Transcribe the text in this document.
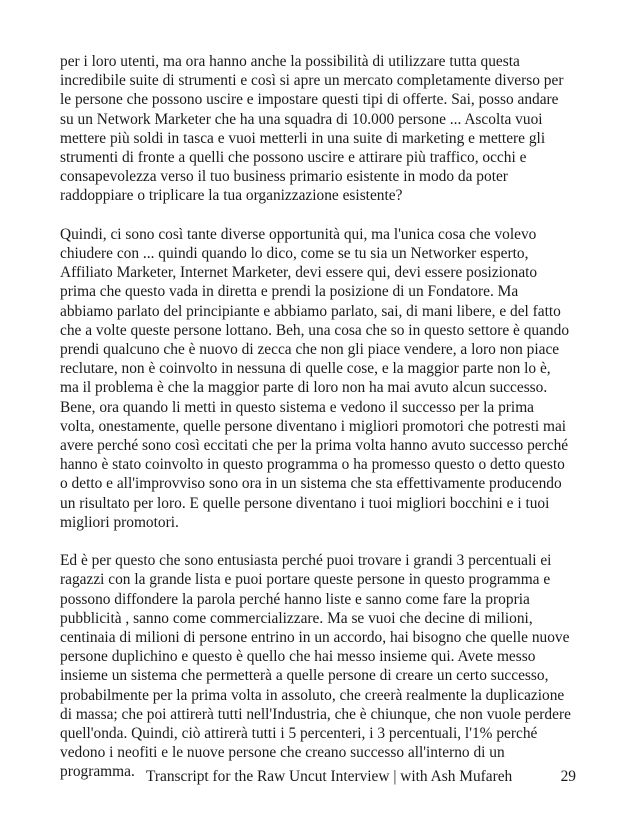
per i loro utenti, ma ora hanno anche la possibilità di utilizzare tutta questa
incredibile suite di strumenti e così si apre un mercato completamente diverso per
le persone che possono uscire e impostare questi tipi di offerte. Sai, posso andare
su un Network Marketer che ha una squadra di 10.000 persone ... Ascolta vuoi
mettere più soldi in tasca e vuoi metterli in una suite di marketing e mettere gli
strumenti di fronte a quelli che possono uscire e attirare più traffico, occhi e
consapevolezza verso il tuo business primario esistente in modo da poter
raddoppiare o triplicare la tua organizzazione esistente?

Quindi, ci sono così tante diverse opportunità qui, ma l'unica cosa che volevo
chiudere con ... quindi quando lo dico, come se tu sia un Networker esperto,
Affiliato Marketer, Internet Marketer, devi essere qui, devi essere posizionato
prima che questo vada in diretta e prendi la posizione di un Fondatore. Ma
abbiamo parlato del principiante e abbiamo parlato, sai, di mani libere, e del fatto
che a volte queste persone lottano. Beh, una cosa che so in questo settore è quando
prendi qualcuno che è nuovo di zecca che non gli piace vendere, a loro non piace
reclutare, non è coinvolto in nessuna di quelle cose, e la maggior parte non lo è,
ma il problema è che la maggior parte di loro non ha mai avuto alcun successo.
Bene, ora quando li metti in questo sistema e vedono il successo per la prima
volta, onestamente, quelle persone diventano i migliori promotori che potresti mai
avere perché sono così eccitati che per la prima volta hanno avuto successo perché
hanno è stato coinvolto in questo programma o ha promesso questo o detto questo
o detto e all'improvviso sono ora in un sistema che sta effettivamente producendo
un risultato per loro. E quelle persone diventano i tuoi migliori bocchini e i tuoi
migliori promotori.

Ed è per questo che sono entusiasta perché puoi trovare i grandi 3 percentuali ei
ragazzi con la grande lista e puoi portare queste persone in questo programma e
possono diffondere la parola perché hanno liste e sanno come fare la propria
pubblicità , sanno come commercializzare. Ma se vuoi che decine di milioni,
centinaia di milioni di persone entrino in un accordo, hai bisogno che quelle nuove
persone duplichino e questo è quello che hai messo insieme qui. Avete messo
insieme un sistema che permetterà a quelle persone di creare un certo successo,
probabilmente per la prima volta in assoluto, che creerà realmente la duplicazione
di massa; che poi attirerà tutti nell'Industria, che è chiunque, che non vuole perdere
quell'onda. Quindi, ciò attirerà tutti i 5 percenteri, i 3 percentuali, l'1% perché
vedono i neofiti e le nuove persone che creano successo all'interno di un
programma. Transcript for the Raw Uncut Interview | with Ash Mufareh	29
